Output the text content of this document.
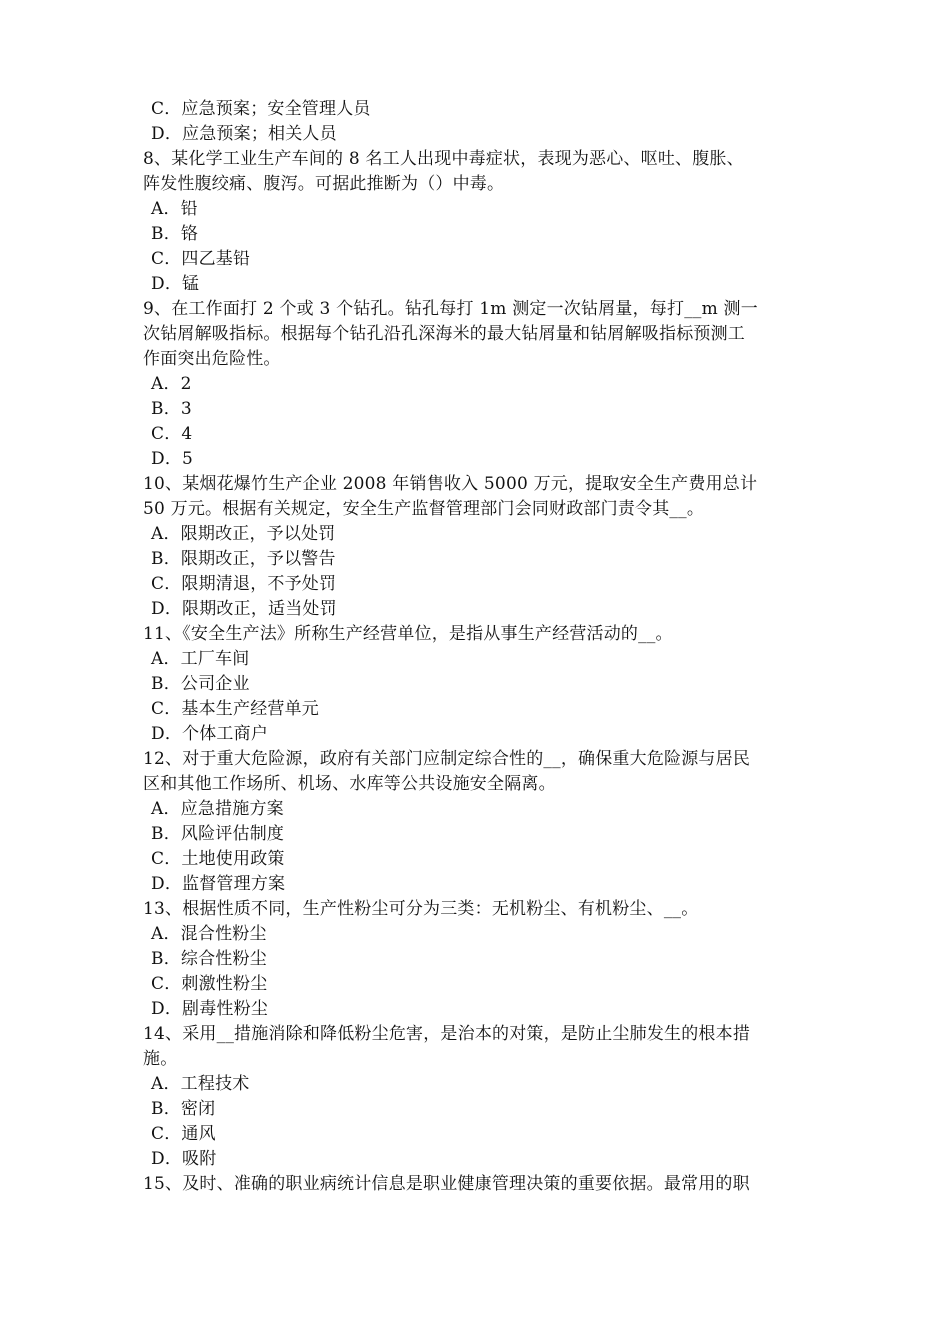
C．应急预案；安全管理人员
D．应急预案；相关人员
8、某化学工业生产车间的 8 名工人出现中毒症状，表现为恶心、呕吐、腹胀、
阵发性腹绞痛、腹泻。可据此推断为（）中毒。
A．铅
B．铬
C．四乙基铅
D．锰
9、在工作面打 2 个或 3 个钻孔。钻孔每打 1m 测定一次钻屑量，每打__m 测一
次钻屑解吸指标。根据每个钻孔沿孔深海米的最大钻屑量和钻屑解吸指标预测工
作面突出危险性。
A．2
B．3
C．4
D．5
10、某烟花爆竹生产企业 2008 年销售收入 5000 万元，提取安全生产费用总计
50 万元。根据有关规定，安全生产监督管理部门会同财政部门责令其__。
A．限期改正，予以处罚
B．限期改正，予以警告
C．限期清退，不予处罚
D．限期改正，适当处罚
11、《安全生产法》所称生产经营单位，是指从事生产经营活动的__。
A．工厂车间
B．公司企业
C．基本生产经营单元
D．个体工商户
12、对于重大危险源，政府有关部门应制定综合性的__，确保重大危险源与居民
区和其他工作场所、机场、水库等公共设施安全隔离。
A．应急措施方案
B．风险评估制度
C．土地使用政策
D．监督管理方案
13、根据性质不同，生产性粉尘可分为三类：无机粉尘、有机粉尘、__。
A．混合性粉尘
B．综合性粉尘
C．刺激性粉尘
D．剧毒性粉尘
14、采用__措施消除和降低粉尘危害，是治本的对策，是防止尘肺发生的根本措
施。
A．工程技术
B．密闭
C．通风
D．吸附
15、及时、准确的职业病统计信息是职业健康管理决策的重要依据。最常用的职
